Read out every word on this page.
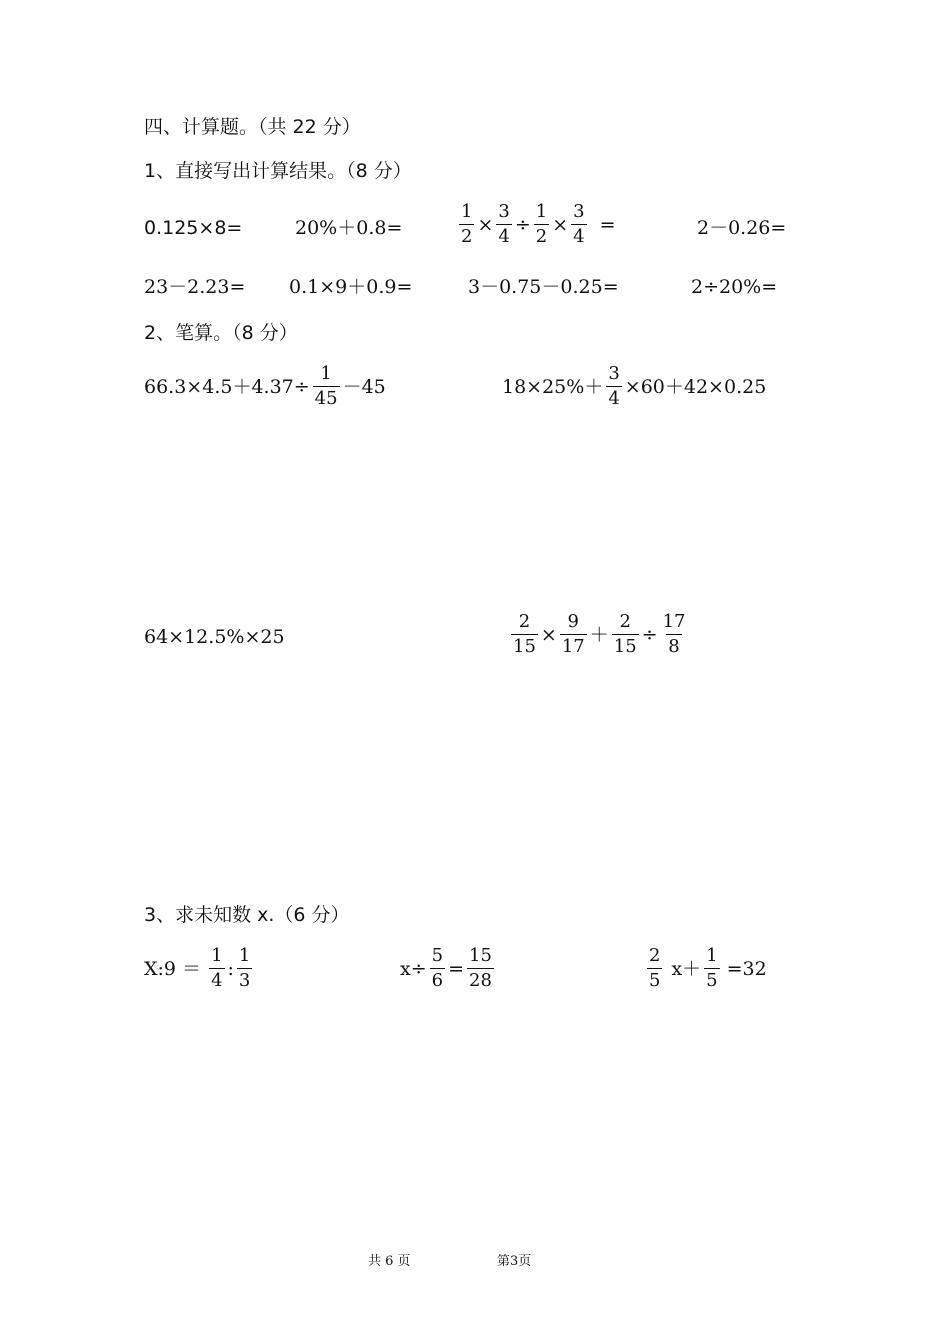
四、计算题。（共 22 分）
1、直接写出计算结果。（8 分）
0.125×8=	20%＋0.8=	$\frac{1}{2} \times \frac{3}{4} \div \frac{1}{2} \times \frac{3}{4}$ =	2－0.26=
23－2.23= 0.1×9＋0.9=	3－0.75－0.25=	2÷20%=
2、笔算。（8 分）
$66.3\times 4.5+4.37\div \frac{1}{45} -45$	$18\times 25\%+ \frac{3}{4} \times 60+42\times 0.25$
64×12.5%×25	$\frac{2}{15} \times \frac{9}{17} + \frac{2}{15} \div \frac{17}{8}$
3、求未知数 x.（6 分）
X:9 ＝ $\frac{1}{4}$ : $\frac{1}{3}$	$x\div \frac{5}{6} = \frac{15}{28}$	$\frac{2}{5} x+ \frac{1}{5} =32$
共 6 页	第3页
